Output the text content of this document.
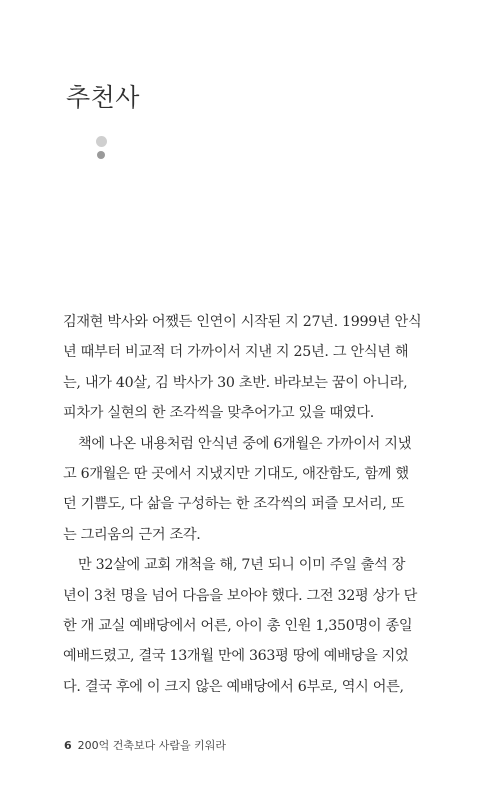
추천사

김재현 박사와 어쨌든 인연이 시작된 지 27년. 1999년 안식
년 때부터 비교적 더 가까이서 지낸 지 25년. 그 안식년 해
는, 내가 40살, 김 박사가 30 초반. 바라보는 꿈이 아니라,
피차가 실현의 한 조각씩을 맞추어가고 있을 때였다.

책에 나온 내용처럼 안식년 중에 6개월은 가까이서 지냈
고 6개월은 딴 곳에서 지냈지만 기대도, 애잔함도, 함께 했
던 기쁨도, 다 삶을 구성하는 한 조각씩의 퍼즐 모서리, 또
는 그리움의 근거 조각.

만 32살에 교회 개척을 해, 7년 되니 이미 주일 출석 장
년이 3천 명을 넘어 다음을 보아야 했다. 그전 32평 상가 단
한 개 교실 예배당에서 어른, 아이 총 인원 1,350명이 종일
예배드렸고, 결국 13개월 만에 363평 땅에 예배당을 지었
다. 결국 후에 이 크지 않은 예배당에서 6부로, 역시 어른,

6 200억 건축보다 사람을 키워라
